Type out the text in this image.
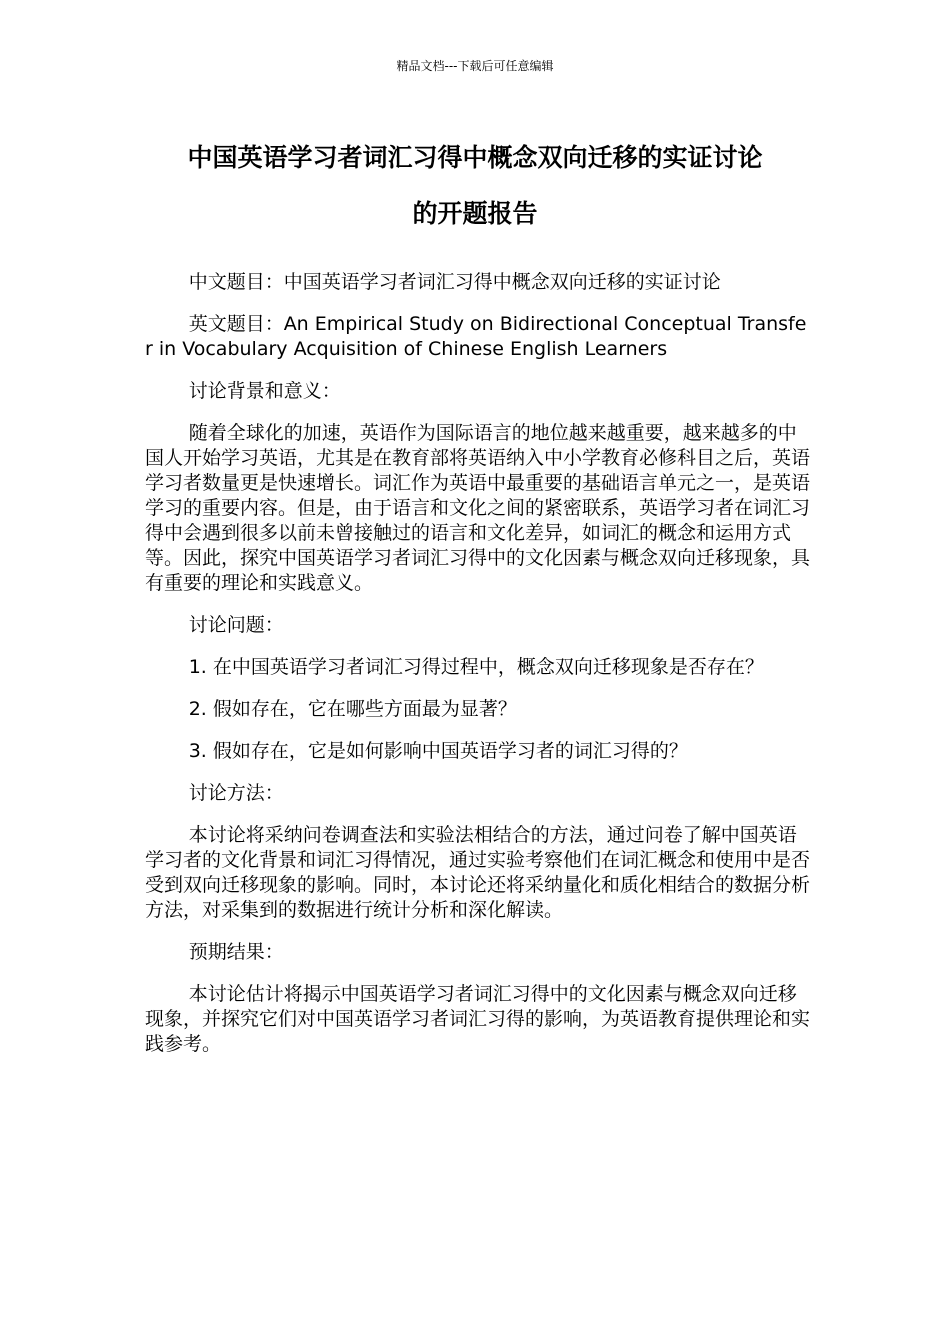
精品文档---下载后可任意编辑
中国英语学习者词汇习得中概念双向迁移的实证讨论
的开题报告

中文题目：中国英语学习者词汇习得中概念双向迁移的实证讨论

英文题目：An Empirical Study on Bidirectional Conceptual Transfer in Vocabulary Acquisition of Chinese English Learners

讨论背景和意义：

随着全球化的加速，英语作为国际语言的地位越来越重要，越来越多的中国人开始学习英语，尤其是在教育部将英语纳入中小学教育必修科目之后，英语学习者数量更是快速增长。词汇作为英语中最重要的基础语言单元之一，是英语学习的重要内容。但是，由于语言和文化之间的紧密联系，英语学习者在词汇习得中会遇到很多以前未曾接触过的语言和文化差异，如词汇的概念和运用方式等。因此，探究中国英语学习者词汇习得中的文化因素与概念双向迁移现象，具有重要的理论和实践意义。

讨论问题：

1. 在中国英语学习者词汇习得过程中，概念双向迁移现象是否存在？

2. 假如存在，它在哪些方面最为显著？

3. 假如存在，它是如何影响中国英语学习者的词汇习得的？

讨论方法：

本讨论将采纳问卷调查法和实验法相结合的方法，通过问卷了解中国英语学习者的文化背景和词汇习得情况，通过实验考察他们在词汇概念和使用中是否受到双向迁移现象的影响。同时，本讨论还将采纳量化和质化相结合的数据分析方法，对采集到的数据进行统计分析和深化解读。

预期结果：

本讨论估计将揭示中国英语学习者词汇习得中的文化因素与概念双向迁移现象，并探究它们对中国英语学习者词汇习得的影响，为英语教育提供理论和实践参考。
